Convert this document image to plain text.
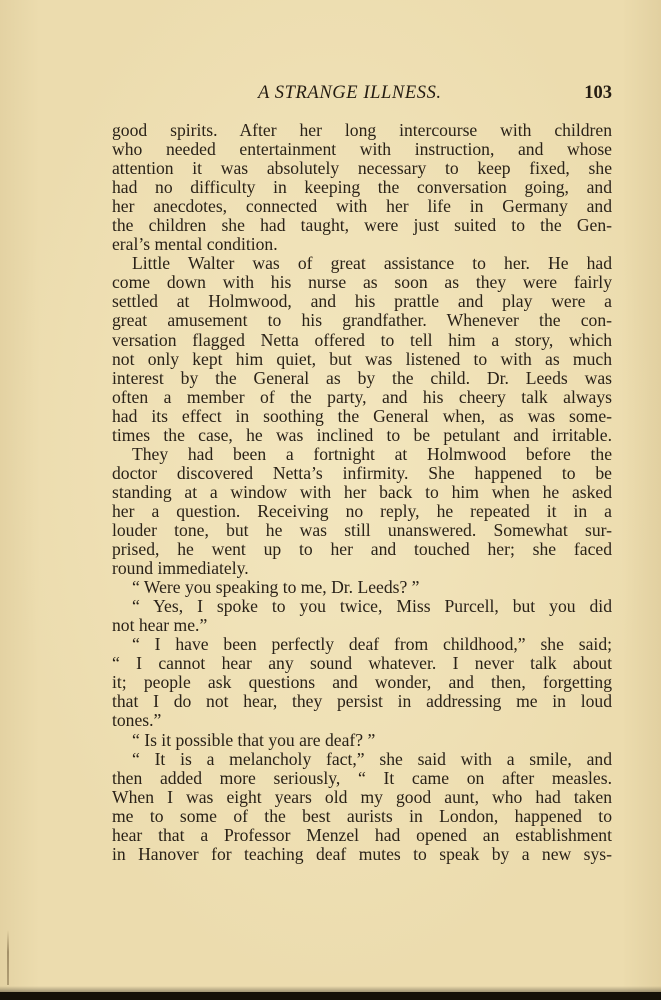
A STRANGE ILLNESS.	103
good spirits. After her long intercourse with children
who needed entertainment with instruction, and whose
attention it was absolutely necessary to keep fixed, she
had no difficulty in keeping the conversation going, and
her anecdotes, connected with her life in Germany and
the children she had taught, were just suited to the Gen-
eral’s mental condition.
Little Walter was of great assistance to her. He had
come down with his nurse as soon as they were fairly
settled at Holmwood, and his prattle and play were a
great amusement to his grandfather. Whenever the con-
versation flagged Netta offered to tell him a story, which
not only kept him quiet, but was listened to with as much
interest by the General as by the child. Dr. Leeds was
often a member of the party, and his cheery talk always
had its effect in soothing the General when, as was some-
times the case, he was inclined to be petulant and irritable.
They had been a fortnight at Holmwood before the
doctor discovered Netta’s infirmity. She happened to be
standing at a window with her back to him when he asked
her a question. Receiving no reply, he repeated it in a
louder tone, but he was still unanswered. Somewhat sur-
prised, he went up to her and touched her; she faced
round immediately.
“ Were you speaking to me, Dr. Leeds? ”
“ Yes, I spoke to you twice, Miss Purcell, but you did
not hear me.”
“ I have been perfectly deaf from childhood,” she said;
“ I cannot hear any sound whatever. I never talk about
it; people ask questions and wonder, and then, forgetting
that I do not hear, they persist in addressing me in loud
tones.”
“ Is it possible that you are deaf? ”
“ It is a melancholy fact,” she said with a smile, and
then added more seriously, “ It came on after measles.
When I was eight years old my good aunt, who had taken
me to some of the best aurists in London, happened to
hear that a Professor Menzel had opened an establishment
in Hanover for teaching deaf mutes to speak by a new sys-
